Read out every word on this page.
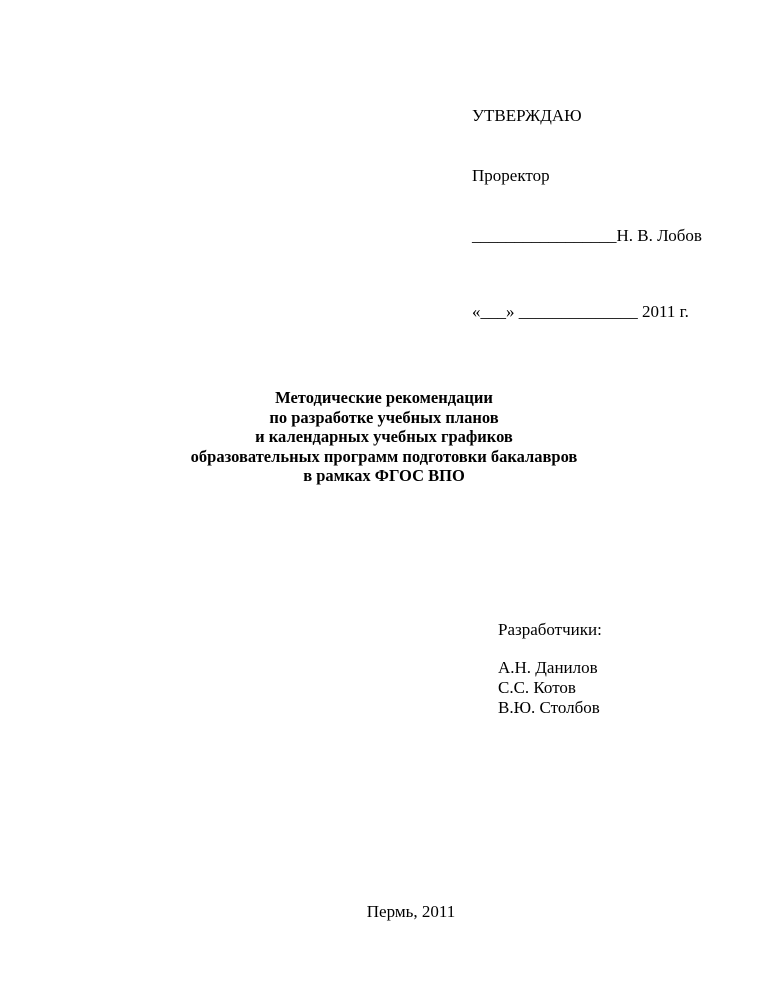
УТВЕРЖДАЮ

Проректор

_________________Н. В. Лобов

«___» ______________ 2011 г.

Методические рекомендации
по разработке учебных планов
и календарных учебных графиков
образовательных программ подготовки бакалавров
в рамках ФГОС ВПО
Разработчики:
А.Н. Данилов
С.С. Котов
В.Ю. Столбов
Пермь, 2011
